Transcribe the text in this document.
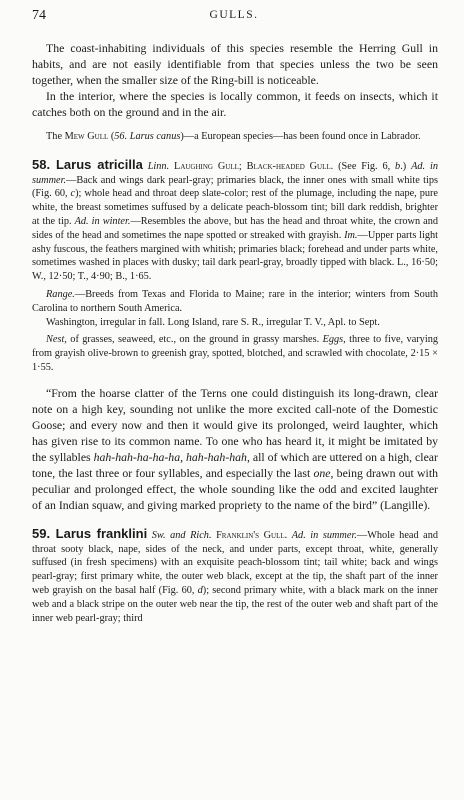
74	GULLS.

The coast-inhabiting individuals of this species resemble the Herring Gull in habits, and are not easily identifiable from that species unless the two be seen together, when the smaller size of the Ring-bill is noticeable.

In the interior, where the species is locally common, it feeds on insects, which it catches both on the ground and in the air.

The Mew Gull (56. Larus canus)—a European species—has been found once in Labrador.

58. Larus atricilla Linn. Laughing Gull; Black-headed Gull. (See Fig. 6, b.) Ad. in summer.—Back and wings dark pearl-gray; primaries black, the inner ones with small white tips (Fig. 60, c); whole head and throat deep slate-color; rest of the plumage, including the nape, pure white, the breast sometimes suffused by a delicate peach-blossom tint; bill dark reddish, brighter at the tip. Ad. in winter.—Resembles the above, but has the head and throat white, the crown and sides of the head and sometimes the nape spotted or streaked with grayish. Im.—Upper parts light ashy fuscous, the feathers margined with whitish; primaries black; forehead and under parts white, sometimes washed in places with dusky; tail dark pearl-gray, broadly tipped with black. L., 16·50; W., 12·50; T., 4·90; B., 1·65.

Range.—Breeds from Texas and Florida to Maine; rare in the interior; winters from South Carolina to northern South America.

Washington, irregular in fall. Long Island, rare S. R., irregular T. V., Apl. to Sept.

Nest, of grasses, seaweed, etc., on the ground in grassy marshes. Eggs, three to five, varying from grayish olive-brown to greenish gray, spotted, blotched, and scrawled with chocolate, 2·15 × 1·55.

“From the hoarse clatter of the Terns one could distinguish its long-drawn, clear note on a high key, sounding not unlike the more excited call-note of the Domestic Goose; and every now and then it would give its prolonged, weird laughter, which has given rise to its common name. To one who has heard it, it might be imitated by the syllables hah-hah-ha-ha-ha, hah-hah-hah, all of which are uttered on a high, clear tone, the last three or four syllables, and especially the last one, being drawn out with peculiar and prolonged effect, the whole sounding like the odd and excited laughter of an Indian squaw, and giving marked propriety to the name of the bird” (Langille).

59. Larus franklini Sw. and Rich. Franklin's Gull. Ad. in summer.—Whole head and throat sooty black, nape, sides of the neck, and under parts, except throat, white, generally suffused (in fresh specimens) with an exquisite peach-blossom tint; tail white; back and wings pearl-gray; first primary white, the outer web black, except at the tip, the shaft part of the inner web grayish on the basal half (Fig. 60, d); second primary white, with a black mark on the inner web and a black stripe on the outer web near the tip, the rest of the outer web and shaft part of the inner web pearl-gray; third
